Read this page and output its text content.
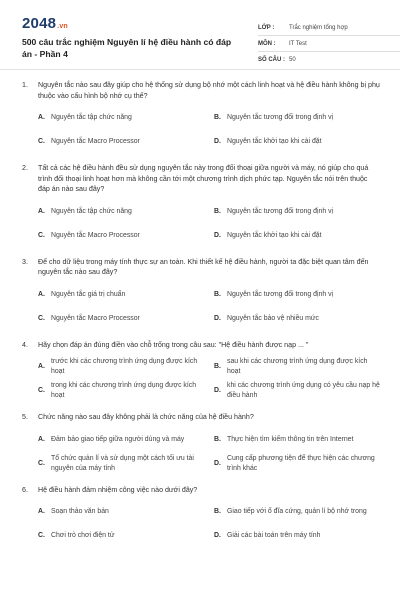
2048.vn
500 câu trắc nghiệm Nguyên lí hệ điều hành có đáp án - Phần 4
LỚP :	Trắc nghiệm tổng hợp
MÔN :	IT Test
SỐ CÂU : 50
1.	Nguyên tắc nào sau đây giúp cho hệ thống sử dụng bộ nhớ một cách linh hoạt và hệ điều hành không bị phụ thuộc vào cấu hình bộ nhớ cụ thể?
A. Nguyên tắc tập chức năng	B. Nguyên tắc tương đối trong định vị
C. Nguyên tắc Macro Processor	D. Nguyên tắc khởi tạo khi cài đặt
2.	Tất cả các hệ điều hành đều sử dụng nguyên tắc này trong đối thoại giữa người và máy, nó giúp cho quá trình đối thoại linh hoạt hơn mà không cần tới một chương trình dịch phức tạp. Nguyên tắc nói trên thuộc đáp án nào sau đây?
A. Nguyên tắc tập chức năng	B. Nguyên tắc tương đối trong định vị
C. Nguyên tắc Macro Processor	D. Nguyên tắc khởi tạo khi cài đặt
3.	Để cho dữ liệu trong máy tính thực sự an toàn. Khi thiết kế hệ điều hành, người ta đặc biệt quan tâm đến nguyên tắc nào sau đây?
A. Nguyên tắc giá trị chuẩn	B. Nguyên tắc tương đối trong định vị
C. Nguyên tắc Macro Processor	D. Nguyên tắc bảo vệ nhiều mức
4.	Hãy chọn đáp án đúng điền vào chỗ trống trong câu sau: "Hệ điều hành được nạp ... "
A.
trước khi các chương trình ứng dụng được kích hoạt
B.
sau khi các chương trình ứng dụng được kích hoạt
C.
trong khi các chương trình ứng dụng được kích hoạt
D.
khi các chương trình ứng dụng có yêu cầu nạp hệ điều hành
5.	Chức năng nào sau đây không phải là chức năng của hệ điều hành?
A. Đảm bảo giao tiếp giữa người dùng và máy	B. Thực hiện tìm kiếm thông tin trên Internet
C.
Tổ chức quản lí và sử dụng một cách tối ưu tài nguyên của máy tính
D.
Cung cấp phương tiện để thực hiện các chương trình khác
6.	Hệ điều hành đảm nhiệm công việc nào dưới đây?
A. Soạn thảo văn bản	B. Giao tiếp với ổ đĩa cứng, quản lí bộ nhớ trong
C. Chơi trò chơi điện tử	D. Giải các bài toán trên máy tính
